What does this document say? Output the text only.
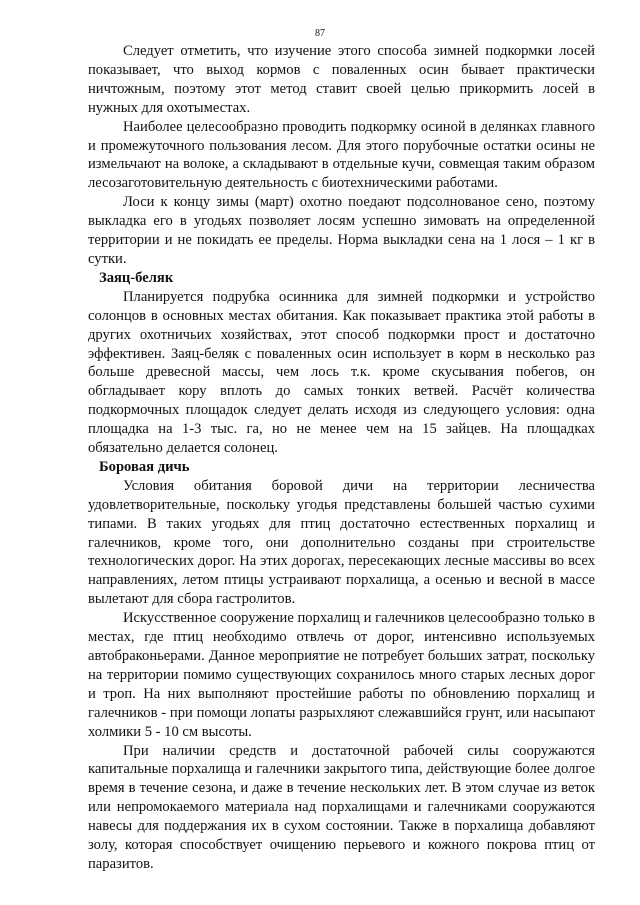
87

Следует отметить, что изучение этого способа зимней подкормки лосей показывает, что выход кормов с поваленных осин бывает практически ничтожным, поэтому этот метод ставит своей целью прикормить лосей в нужных для охотыместах.

Наиболее целесообразно проводить подкормку осиной в делянках главного и промежуточного пользования лесом. Для этого порубочные остатки осины не измельчают на волоке, а складывают в отдельные кучи, совмещая таким образом лесозаготовительную деятельность с биотехническими работами.

Лоси к концу зимы (март) охотно поедают подсолнованое сено, поэтому выкладка его в угодьях позволяет лосям успешно зимовать на определенной территории и не покидать ее пределы. Норма выкладки сена на 1 лося – 1 кг в сутки.

Заяц-беляк

Планируется подрубка осинника для зимней подкормки и устройство солонцов в основных местах обитания. Как показывает практика этой работы в других охотничьих хозяйствах, этот способ подкормки прост и достаточно эффективен. Заяц-беляк с поваленных осин использует в корм в несколько раз больше древесной массы, чем лось т.к. кроме скусывания побегов, он обгладывает кору вплоть до самых тонких ветвей. Расчёт количества подкормочных площадок следует делать исходя из следующего условия: одна площадка на 1-3 тыс. га, но не менее чем на 15 зайцев. На площадках обязательно делается солонец.

Боровая дичь

Условия обитания боровой дичи на территории лесничества удовлетворительные, поскольку угодья представлены большей частью сухими типами. В таких угодьях для птиц достаточно естественных порхалищ и галечников, кроме того, они дополнительно созданы при строительстве технологических дорог. На этих дорогах, пересекающих лесные массивы во всех направлениях, летом птицы устраивают порхалища, а осенью и весной в массе вылетают для сбора гастролитов.

Искусственное сооружение порхалищ и галечников целесообразно только в местах, где птиц необходимо отвлечь от дорог, интенсивно используемых автобраконьерами. Данное мероприятие не потребует больших затрат, поскольку на территории помимо существующих сохранилось много старых лесных дорог и троп. На них выполняют простейшие работы по обновлению порхалищ и галечников - при помощи лопаты разрыхляют слежавшийся грунт, или насыпают холмики 5 - 10 см высоты.

При наличии средств и достаточной рабочей силы сооружаются капитальные порхалища и галечники закрытого типа, действующие более долгое время в течение сезона, и даже в течение нескольких лет. В этом случае из веток или непромокаемого материала над порхалищами и галечниками сооружаются навесы для поддержания их в сухом состоянии. Также в порхалища добавляют золу, которая способствует очищению перьевого и кожного покрова птиц от паразитов.
